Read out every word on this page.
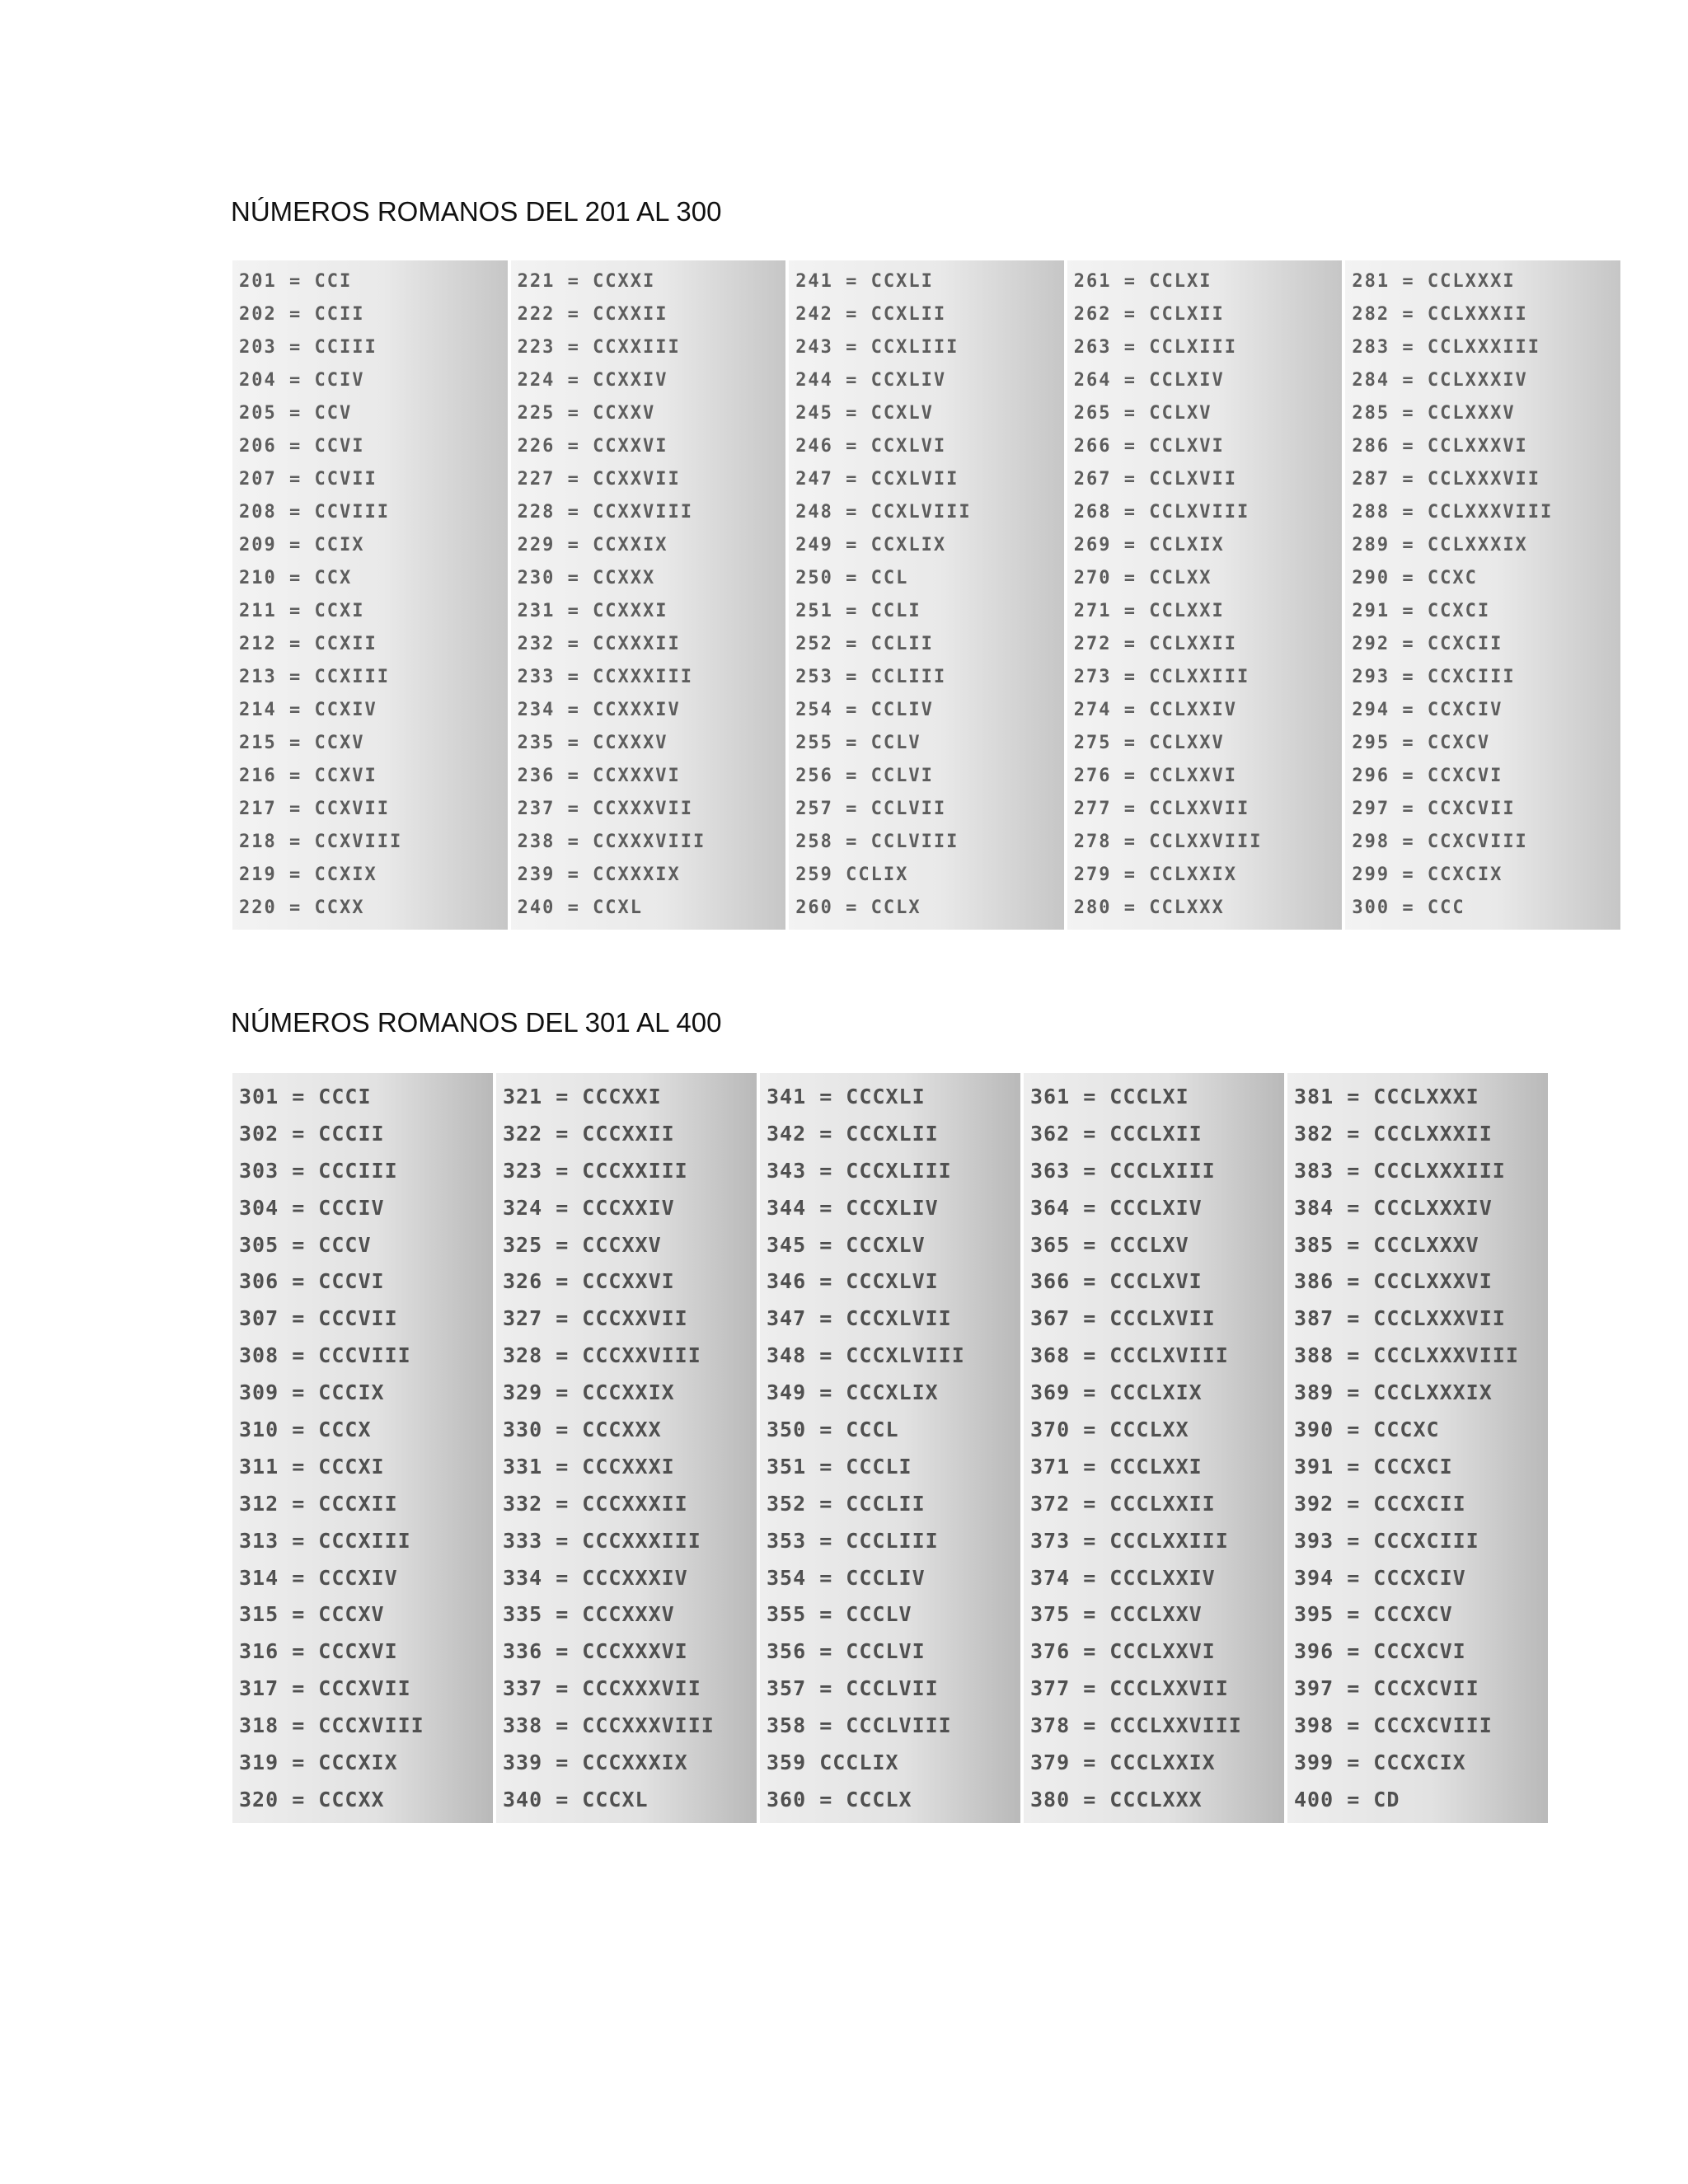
NÚMEROS ROMANOS DEL 201 AL 300
201 = CCI
202 = CCII
203 = CCIII
204 = CCIV
205 = CCV
206 = CCVI
207 = CCVII
208 = CCVIII
209 = CCIX
210 = CCX
211 = CCXI
212 = CCXII
213 = CCXIII
214 = CCXIV
215 = CCXV
216 = CCXVI
217 = CCXVII
218 = CCXVIII
219 = CCXIX
220 = CCXX
221 = CCXXI
222 = CCXXII
223 = CCXXIII
224 = CCXXIV
225 = CCXXV
226 = CCXXVI
227 = CCXXVII
228 = CCXXVIII
229 = CCXXIX
230 = CCXXX
231 = CCXXXI
232 = CCXXXII
233 = CCXXXIII
234 = CCXXXIV
235 = CCXXXV
236 = CCXXXVI
237 = CCXXXVII
238 = CCXXXVIII
239 = CCXXXIX
240 = CCXL
241 = CCXLI
242 = CCXLII
243 = CCXLIII
244 = CCXLIV
245 = CCXLV
246 = CCXLVI
247 = CCXLVII
248 = CCXLVIII
249 = CCXLIX
250 = CCL
251 = CCLI
252 = CCLII
253 = CCLIII
254 = CCLIV
255 = CCLV
256 = CCLVI
257 = CCLVII
258 = CCLVIII
259 CCLIX
260 = CCLX
261 = CCLXI
262 = CCLXII
263 = CCLXIII
264 = CCLXIV
265 = CCLXV
266 = CCLXVI
267 = CCLXVII
268 = CCLXVIII
269 = CCLXIX
270 = CCLXX
271 = CCLXXI
272 = CCLXXII
273 = CCLXXIII
274 = CCLXXIV
275 = CCLXXV
276 = CCLXXVI
277 = CCLXXVII
278 = CCLXXVIII
279 = CCLXXIX
280 = CCLXXX
281 = CCLXXXI
282 = CCLXXXII
283 = CCLXXXIII
284 = CCLXXXIV
285 = CCLXXXV
286 = CCLXXXVI
287 = CCLXXXVII
288 = CCLXXXVIII
289 = CCLXXXIX
290 = CCXC
291 = CCXCI
292 = CCXCII
293 = CCXCIII
294 = CCXCIV
295 = CCXCV
296 = CCXCVI
297 = CCXCVII
298 = CCXCVIII
299 = CCXCIX
300 = CCC
NÚMEROS ROMANOS DEL 301 AL 400
301 = CCCI
302 = CCCII
303 = CCCIII
304 = CCCIV
305 = CCCV
306 = CCCVI
307 = CCCVII
308 = CCCVIII
309 = CCCIX
310 = CCCX
311 = CCCXI
312 = CCCXII
313 = CCCXIII
314 = CCCXIV
315 = CCCXV
316 = CCCXVI
317 = CCCXVII
318 = CCCXVIII
319 = CCCXIX
320 = CCCXX
321 = CCCXXI
322 = CCCXXII
323 = CCCXXIII
324 = CCCXXIV
325 = CCCXXV
326 = CCCXXVI
327 = CCCXXVII
328 = CCCXXVIII
329 = CCCXXIX
330 = CCCXXX
331 = CCCXXXI
332 = CCCXXXII
333 = CCCXXXIII
334 = CCCXXXIV
335 = CCCXXXV
336 = CCCXXXVI
337 = CCCXXXVII
338 = CCCXXXVIII
339 = CCCXXXIX
340 = CCCXL
341 = CCCXLI
342 = CCCXLII
343 = CCCXLIII
344 = CCCXLIV
345 = CCCXLV
346 = CCCXLVI
347 = CCCXLVII
348 = CCCXLVIII
349 = CCCXLIX
350 = CCCL
351 = CCCLI
352 = CCCLII
353 = CCCLIII
354 = CCCLIV
355 = CCCLV
356 = CCCLVI
357 = CCCLVII
358 = CCCLVIII
359 CCCLIX
360 = CCCLX
361 = CCCLXI
362 = CCCLXII
363 = CCCLXIII
364 = CCCLXIV
365 = CCCLXV
366 = CCCLXVI
367 = CCCLXVII
368 = CCCLXVIII
369 = CCCLXIX
370 = CCCLXX
371 = CCCLXXI
372 = CCCLXXII
373 = CCCLXXIII
374 = CCCLXXIV
375 = CCCLXXV
376 = CCCLXXVI
377 = CCCLXXVII
378 = CCCLXXVIII
379 = CCCLXXIX
380 = CCCLXXX
381 = CCCLXXXI
382 = CCCLXXXII
383 = CCCLXXXIII
384 = CCCLXXXIV
385 = CCCLXXXV
386 = CCCLXXXVI
387 = CCCLXXXVII
388 = CCCLXXXVIII
389 = CCCLXXXIX
390 = CCCXC
391 = CCCXCI
392 = CCCXCII
393 = CCCXCIII
394 = CCCXCIV
395 = CCCXCV
396 = CCCXCVI
397 = CCCXCVII
398 = CCCXCVIII
399 = CCCXCIX
400 = CD
